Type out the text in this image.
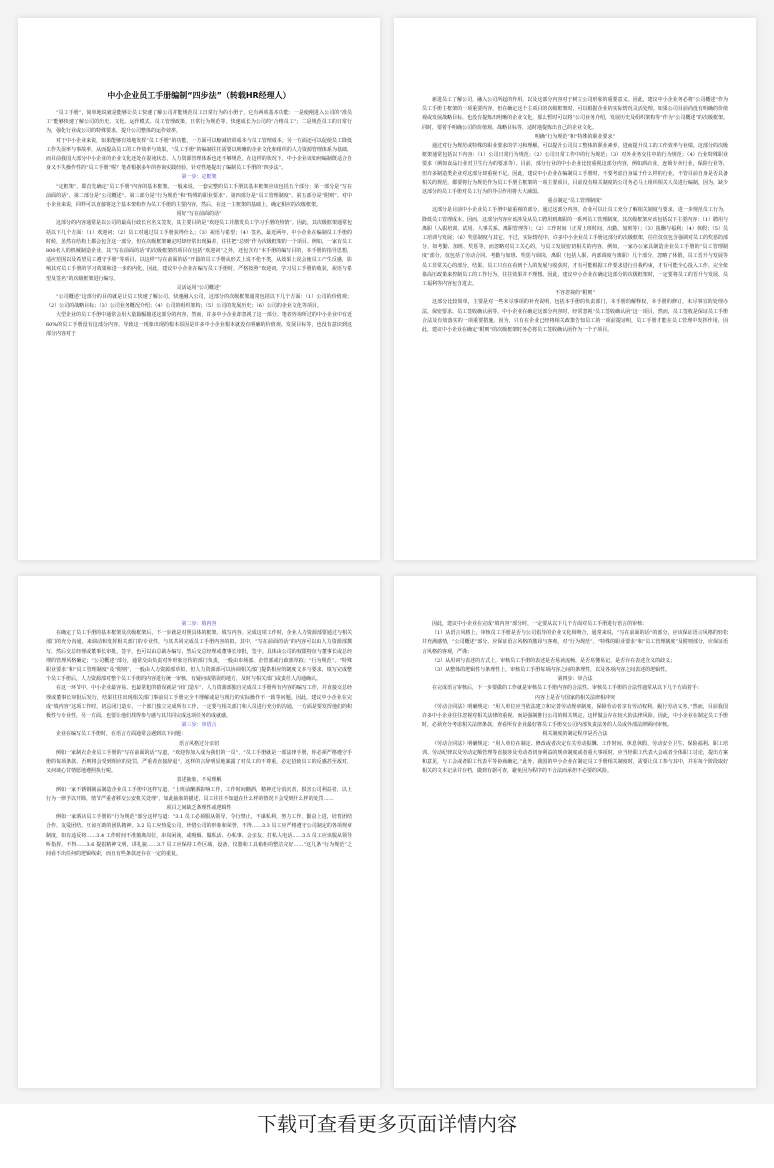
中小企业员工手册编制“四步法”（转载HR经理人）

“员工手册”，简单地说就是能够让员工快速了解公司并能规范员工日常行为的小册子，它有两项基本功能：一是使刚进入公司的“准员工”能够快速了解公司的历史、文化、运作模式、员工管理政策、日常行为规范等，快速成长为公司的“合格员工”；二是规范员工的日常行为，强化行业或公司的特殊要求，提升公司整体的运作效率。

对于中小企业来说，如果能够有效地发挥“员工手册”的功能，一方面可以缩减培训成本与员工管理成本，另一方面还可以促使员工降低工作失误率与事故率，从而提高员工的工作效率与效果。“员工手册”的编制往往需要以明晰的企业文化和组织的人力资源管理体系为基础，而目前我国大部分中小企业的企业文化还处在混沌状态，人力资源管理体系也还不够规范，在这样的状况下，中小企业该如何编制既适合自身又不失操作性的“员工手册”呢？笔者根据多年的咨询实践经验，针对性地提出了编制员工手册的“四步法”。

第一步：定框架

“定框架”，即首先确定“员工手册”内容的基本框架。一般来说，一套完整的员工手册其基本框架应该包括五个部分：第一部分是“写在前面的话”、第二部分是“公司概述”、第三部分是“行为规范”和“特殊的职业要求”、第四部分是“员工管理制度”、第五部分是“附则”。对中小企业来说，同样可以直接将这个基本架构作为员工手册的主要内容，然后，在这一主框架的基础上，确定相应的次级框架。

用好“写在前面的话”

这部分的内容通常是以公司的最高行政长官名义签发，其主要目的是“欢迎员工并激发员工学习手册的热情”。因此，其次级框架通常包括以下几个方面：（1）欢迎词；（2）员工对通过员工手册获得什么；（3）祝语与希望；（4）签名。最近两年，中小企业在编制员工手册的时候，虽然在结构上都会包含这一部分，但在次级框架确定时却经常出现偏差，往往把“总则”作为次级框架的一个项目。例如，一家有员工800名人的机械制造企业，其“写在前面的话”的次级框架的项目在包括“欢迎词”之外，还包含有“本手册的编写目的，本手册的指导思想，适应范围以及希望员工遵守手册”等项目，以这样“写在前面的话”开篇的员工手册从形式上说不伦不类，从效果上说会使员工产生反感，影响其对员工手册的学习效果和进一步的内化。因此，建议中小企业在编写员工手册时，严格按照“欢迎词，学习员工手册的收获，祝语与希望及签名”的次级框架进行编写。

灵活运用“公司概述”

“公司概述”这部分的目的就是让员工快速了解公司，快速融入公司，这部分的次级框架通常包括以下几个方面：（1）公司的价值观；（2）公司的战略目标；（3）公司业务概况介绍；（4）公司的组织架构；（5）公司的发展历史；（6）公司的企业文化等项目。

大型企业的员工手册中通常会用大量篇幅描述这部分的内容，然而，许多中小企业却忽视了这一部分。笔者咨询所过的中小企业中有近60%的员工手册没有这部分内容。导致这一现象出现的根本原因是许多中小企业根本就没有明确的价值观、发展目标等，也没有意识到这部分内容对于

新进员工了解公司，融入公司所起的作用，以及这部分内容对于树立公司形象的重要意义。因此，建议中小企业务必将“公司概述”作为员工手册主框架的一项重要内容，但在确定这个主项目的次级框架时，可以根据企业的实际情况灵活处理。如果公司目前尚没有明确的价值观或发展战略目标，也没有提炼出明晰的企业文化，那么暂时可以将“公司业务介绍，发展历史及组织架构等”作为“公司概述”的次级框架。同时，要着手明确公司的价值观、战略目标等，适时地提炼出自己的企业文化。

明确“行为规范”和“特殊的职业要求”

通过对行为规范或特殊的职业要求的学习和理解，可以提升公司员工整体的职业素养，进而提升员工的工作效率与业绩。这部分的次级框架通常包括以下内容：（1）公司日常行为规范；（2）公司日常工作中的行为规范；（3）对外业务交往中的行为规范；（4）行业特殊职业要求（例如食品行业对卫生行为的要求等）。目前，部分行业的中小企业比较重视这部分内容，例如酒店业，连锁专卖行业，保险行业等，但许多制造类企业对这部分却重视不足。因此，建议中小企业在编制员工手册时，不要考虑自身属于什么样的行业，不管目前自身是否具备相关的规范，都要将行为规范作为员工手册主框架的一项主要项目，目前没有相关制度的公司务必马上组织相关人员进行编制，因为，缺少这部分的员工手册对员工行为的导引作用将大大减弱。

重点制定“员工管理制度”

这部分是目前中小企业员工手册中最重视的部分，通过这部分内容，企业可以让员工充分了解相关制度与要求，进一步规范员工行为，降低员工管理成本。因而，这部分内容应该涉及从员工聘用到离职的一系列员工管理制度，其次级框架应该包括以下主要内容：（1）聘用与离职（入职培训、试用、人事关系、离职管理等）；（2）工作时间（正常上班时间、出勤、加班等）；（3）报酬与福利；（4）休假；（5）员工培训与发展；（6）奖惩制度与其它。不过，实际情况中，许多中小企业员工手册这部分的次级框架，往往仅仅包含强调对员工的奖惩的部分，如考勤、加班、奖惩等，而忽略对员工关心的，与员工发展密切相关的内容，例如，一家办公家具制造企业员工手册的“员工管理制度”部分，仅包括了劳动合同、考勤与加班、奖惩与调岗，离职（包括人职、内部调度与离职）几个部分，忽略了休假，员工晋升与发展等员工非常关心的部分。结果，员工只有在看到个人的发展与收获时，才有可能根据工作要求进行自我约束，才有可能全心投入工作，完全依靠高压政策来控制员工的工作行为，往往效果并不理想。因此，建议中小企业在确定这部分的次级框架时，一定要将员工的晋升与发展、员工福利等内容包含进去。

不容忽视的“附则”

这部分比较简单，主要是对一些未尽事项的补充说明，包括本手册的负责部门，本手册的解释权，本手册的修订，未尽事宜的处理办法，保密要求，员工签收确认函等。中小企业在确定这部分内容时，经常忽视“员工签收确认函”这一项目，然而，员工签收是保证员工手册合法及有效落实的一项重要措施，因为，只有在企业已经将相关政策告知员工的一项前提证明，员工手册才能在员工管理中发挥作用，因此，建议中小企业在确定“附则”的次级框架时务必将员工签收确认函作为一个子项目。

第二步：填内容

在确定了员工手册的基本框架及次级框架后，下一步就是对照具体的框架，填写内容。完成这项工作时，企业人力资源部要通过与相关部门的充分沟通，来调动和发挥相关部门的专业性，与其共同完成员工手册内容的拟。其中，“写在前面的话”的内容可以由人力资源部撰写，然后交总经理或董事长审批，签字，也可以由总裁办编写，然后交总经理或董事长审批，签字。具体由公司的权限特征与董事长或总经理的管理风格确定；“公司概述”部分，通常交由负责对外形象宣传的部门负责，一般由市场部、企管部或行政部草拟；“行为规范”、“特殊职业要求”和“员工管理制度”及“附则”，一般由人力资源部草拟，但人力资源部可以协调相关部门提供相应的制度文本与要求，填写完成整个员工手册后，人力资源部对整个员工手册的内容进行统一审核，有疑问或错误的地方，及时与相关部门或责任人沟通确认。

在这一环节中，中小企业最容易、也最常犯的错误就是“闭门造车”，人力资源部独自完成员工手册所有内容的编写工作，并直接交总经理或董事长审批后发行，结果往往出现相关部门事前员工手册完全不理解或是与现行的实际操作不一致等问题。因此，建议中小企业在完成“填内容”这项工作时，切忌闭门造车，一个部门独立完成所有工作，一定要与相关部门和人员进行充分的沟通，一方面是要发挥他们的积极性与专业性，另一方面，也要让他们找得参与感与其共同完成这项任务的成就感。

第三步：审语言

企业在编写员工手册时，在语言方面通常会遇到以下问题：

语言风格过分亲切

例如一家制衣企业员工手册的“写在前面的话”写道，“欢迎你加入成为我们的一员”，“员工手册就是一部法律手册，你必须严格遵守手册的每项条款，否则将会受到相应的处罚，严重者直接辞退”，这样的言辞明显地暴露了对员工的不尊重，必定招致员工的反感甚至敌对，又何谈心甘情愿地遵照执行呢。

表述抽象，不易理解

例如一家不锈钢制品制造企业员工手册中这样写道，“上班前酗酒影响工作，工作时间酗酒，精神过分消沉者，损害公司利益者，以上行为一律予以开除，情节严重者移交公安机关处理”，如此抽象的描述，员工往往不知道在什么样的情况下会受到什么样的处罚……

项目之间缺乏条理性或逻辑性

例如一家酒店员工手册的“行为规范”部分这样写道：“3.1 员工必须服从领导，令行禁止，不谋私利，努力工作，勤奋上进，培育团结合作，友爱团结，互谅互助的团队精神。3.2 员工应热爱公司，珍惜公司的形象和荣誉，不得……3.3 员工应严格遵守公司制定的各项规章制度，如有违反将……3.4 工作时间不准擅离岗位，串岗闲谈，或吸烟、做私活、办私事、会亲友、打私人电话……3.5 员工应该服从领导听指挥，不得……3.6 提倡精神文明，讲礼貌……3.7 员工应保持工作区域，设备，仪器和工具箱柜的整洁完好……”这几条“行为规范”之间看不出任何的逻辑线索，而且有些条款还存在一定的重复。

因此，建议中小企业在完成“填内容”部分时，一定要从以下几个方面对员工手册进行语言的审核：

（1）从语言风格上，审核员工手册是否与公司倡导的企业文化相吻合，通常来说，“写在前面的话”的部分，应该保证语言风格的轻松并充满感情，“公司概述”部分，应保证语言风格的激昂与客观，对“行为规范”、“特殊的职业要求”和“员工管理制度”及附则部分，应保证语言风格的客观，严谨；

（2）从用词与表述的方式上，审核员工手册的表述是否易读流畅，是否易懂易记，是否存在表述含义的歧义；

（3）从整体的逻辑性与条理性上，审核员工手册每项内容之间的条理性，以及各项内容之间表述的逻辑性。

第四步：审合法

在完成语言审核后，下一步要做的工作就是审核员工手册内容的合法性。审核员工手册的合法性通常从以下几个方面着手：

内容上是否与国家的相关法律相冲突

《劳动合同法》明确规定：“用人单位应当依法建立和完善劳动规章制度，保障劳动者享有劳动权利、履行劳动义务。”然而，目前我国许多中小企业往往忽视对相关法律的重视，而是强制推行公司的相关规定，这样做会存在较大的法律风险。因此，中小企业在制定员工手册时，必须充分考虑相关法律条款，查看所有企业最好将员工手册交公司内部负责法务的人员或外部法律顾问审核。

相关制度的制定程序是否合法

《劳动合同法》明确规定：“用人单位在制定、修改或者决定有关劳动报酬、工作时间、休息休假、劳动安全卫生、保险福利、职工培训、劳动纪律以及劳动定额管理等直接涉及劳动者切身利益的规章制度或者重大事项时，应当经职工代表大会或者全体职工讨论，提出方案和意见，与工会或者职工代表平等协商确定。”此外，我国的中小企业在制定员工手册相关制度时，需要让员工参与其中，并在每个阶段取好相关的文本记录并存档，做到有据可查，避免因为程序的不合法而承担不必要的风险。

下载可查看更多页面详情内容
